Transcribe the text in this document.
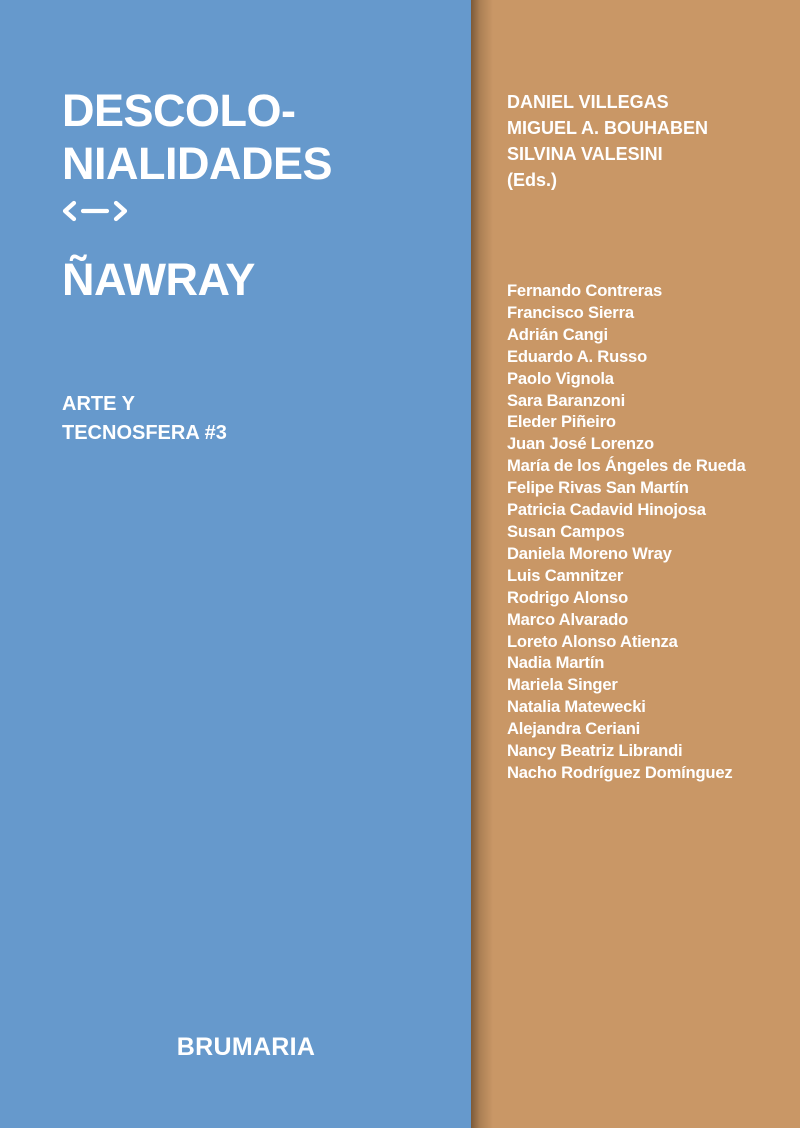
DESCOLO-
NIALIDADES
ÑAWRAY
ARTE Y
TECNOSFERA #3
BRUMARIA
DANIEL VILLEGAS
MIGUEL A. BOUHABEN
SILVINA VALESINI
(Eds.)
Fernando Contreras
Francisco Sierra
Adrián Cangi
Eduardo A. Russo
Paolo Vignola
Sara Baranzoni
Eleder Piñeiro
Juan José Lorenzo
María de los Ángeles de Rueda
Felipe Rivas San Martín
Patricia Cadavid Hinojosa
Susan Campos
Daniela Moreno Wray
Luis Camnitzer
Rodrigo Alonso
Marco Alvarado
Loreto Alonso Atienza
Nadia Martín
Mariela Singer
Natalia Matewecki
Alejandra Ceriani
Nancy Beatriz Librandi
Nacho Rodríguez Domínguez
